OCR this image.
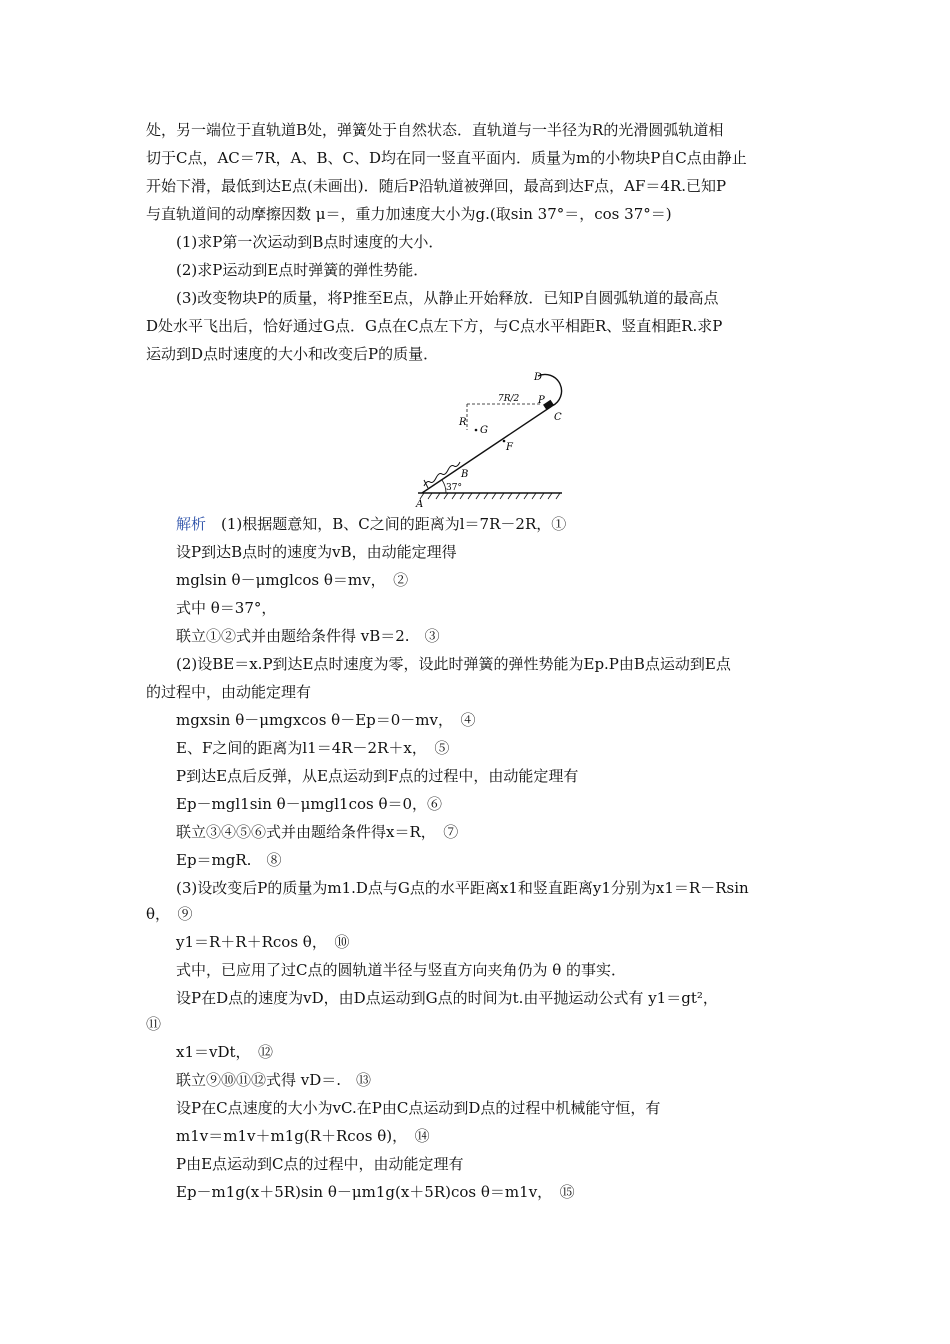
处，另一端位于直轨道B处，弹簧处于自然状态．直轨道与一半径为R的光滑圆弧轨道相
切于C点，AC＝7R，A、B、C、D均在同一竖直平面内．质量为m的小物块P自C点由静止
开始下滑，最低到达E点(未画出)．随后P沿轨道被弹回，最高到达F点，AF＝4R.已知P
与直轨道间的动摩擦因数 μ＝，重力加速度大小为g.(取sin 37°＝，cos 37°＝)
(1)求P第一次运动到B点时速度的大小．
(2)求P运动到E点时弹簧的弹性势能．
(3)改变物块P的质量，将P推至E点，从静止开始释放．已知P自圆弧轨道的最高点
D处水平飞出后，恰好通过G点．G点在C点左下方，与C点水平相距R、竖直相距R.求P
运动到D点时速度的大小和改变后P的质量．
D
P
C
7R/2
R
G
F
B
37°
A
解析　(1)根据题意知，B、C之间的距离为l＝7R－2R，①
设P到达B点时的速度为vB，由动能定理得
mglsin θ－μmglcos θ＝mv，　②
式中 θ＝37°，
联立①②式并由题给条件得 vB＝2.　③
(2)设BE＝x.P到达E点时速度为零，设此时弹簧的弹性势能为Ep.P由B点运动到E点
的过程中，由动能定理有
mgxsin θ－μmgxcos θ－Ep＝0－mv，　④
E、F之间的距离为l1＝4R－2R＋x，　⑤
P到达E点后反弹，从E点运动到F点的过程中，由动能定理有
Ep－mgl1sin θ－μmgl1cos θ＝0，⑥
联立③④⑤⑥式并由题给条件得x＝R，　⑦
Ep＝mgR.　⑧
(3)设改变后P的质量为m1.D点与G点的水平距离x1和竖直距离y1分别为x1＝R－Rsin
θ，　⑨
y1＝R＋R＋Rcos θ，　⑩
式中，已应用了过C点的圆轨道半径与竖直方向夹角仍为 θ 的事实．
设P在D点的速度为vD，由D点运动到G点的时间为t.由平抛运动公式有 y1＝gt²，
⑪
x1＝vDt，　⑫
联立⑨⑩⑪⑫式得 vD＝.　⑬
设P在C点速度的大小为vC.在P由C点运动到D点的过程中机械能守恒，有
m1v＝m1v＋m1g(R＋Rcos θ)，　⑭
P由E点运动到C点的过程中，由动能定理有
Ep－m1g(x＋5R)sin θ－μm1g(x＋5R)cos θ＝m1v，　⑮
